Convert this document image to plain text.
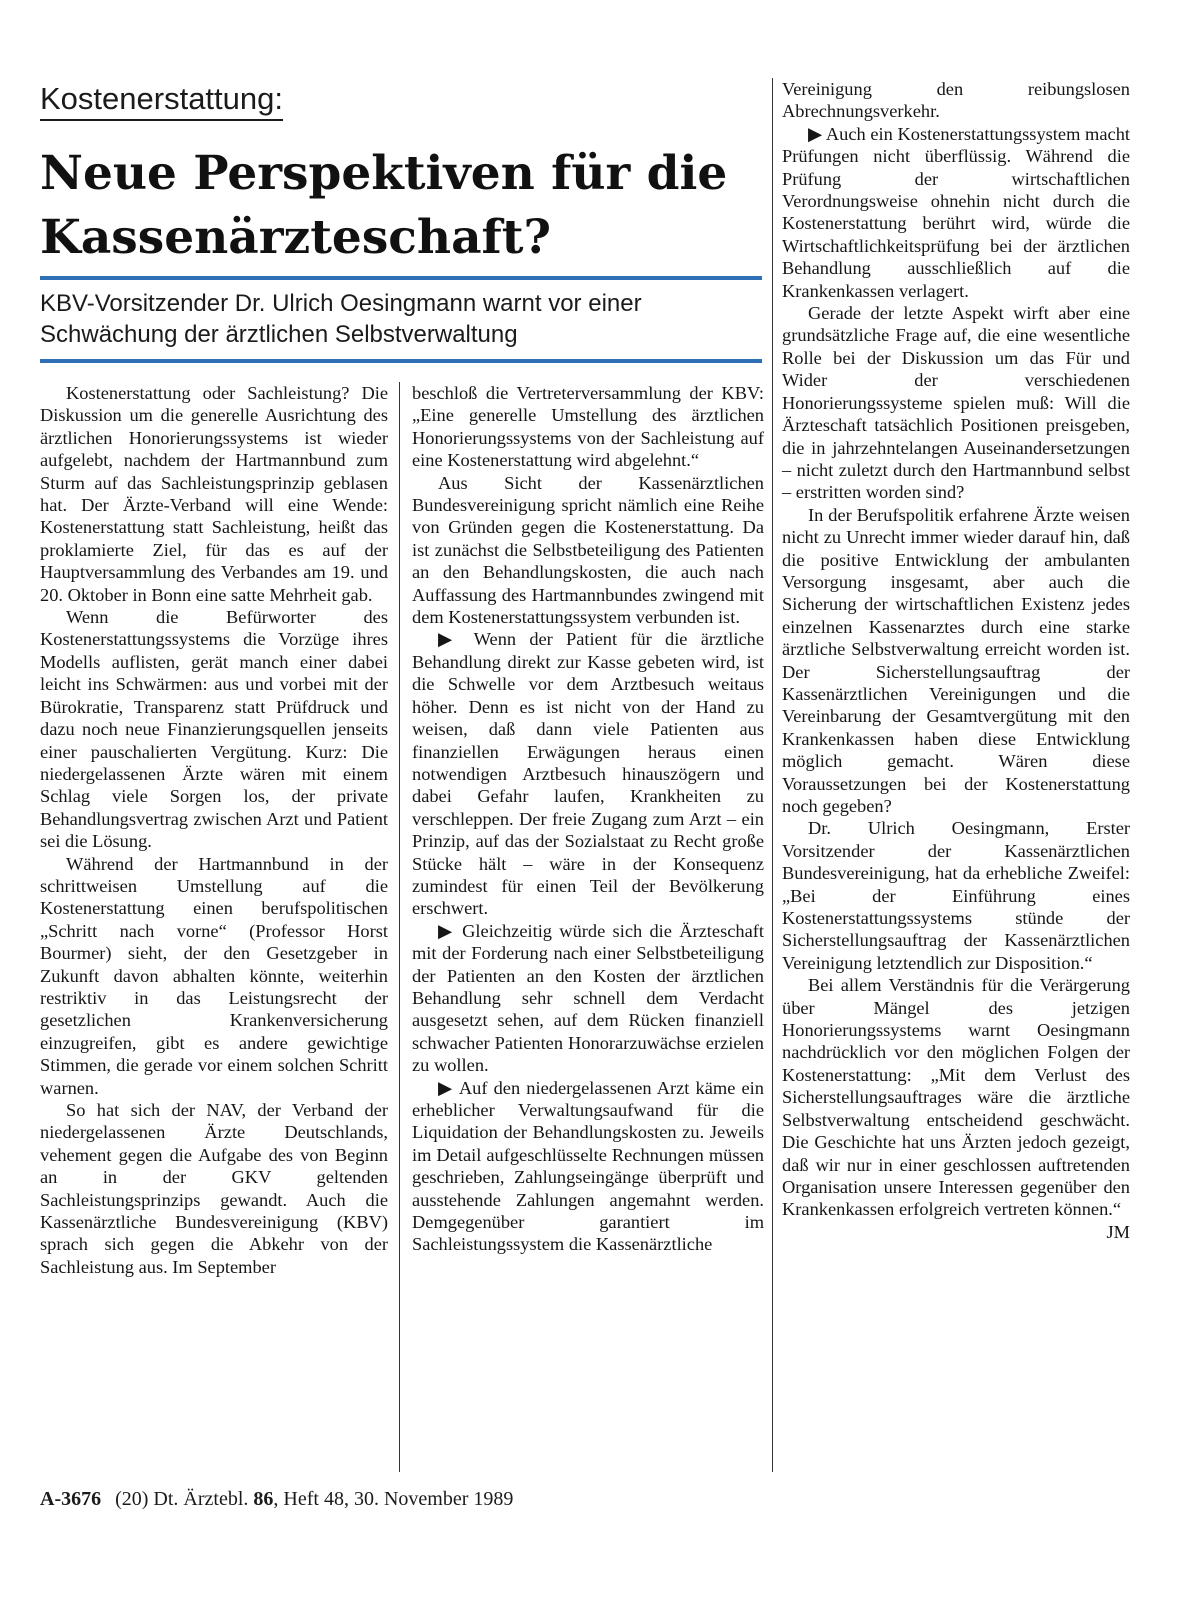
Kostenerstattung:
Neue Perspektiven für die Kassenärzteschaft?
KBV-Vorsitzender Dr. Ulrich Oesingmann warnt vor einer Schwächung der ärztlichen Selbstverwaltung

Kostenerstattung oder Sachleistung? Die Diskussion um die generelle Ausrichtung des ärztlichen Honorierungssystems ist wieder aufgelebt, nachdem der Hartmannbund zum Sturm auf das Sachleistungsprinzip geblasen hat. Der Ärzte-Verband will eine Wende: Kostenerstattung statt Sachleistung, heißt das proklamierte Ziel, für das es auf der Hauptversammlung des Verbandes am 19. und 20. Oktober in Bonn eine satte Mehrheit gab.

Wenn die Befürworter des Kostenerstattungssystems die Vorzüge ihres Modells auflisten, gerät manch einer dabei leicht ins Schwärmen: aus und vorbei mit der Bürokratie, Transparenz statt Prüfdruck und dazu noch neue Finanzierungsquellen jenseits einer pauschalierten Vergütung. Kurz: Die niedergelassenen Ärzte wären mit einem Schlag viele Sorgen los, der private Behandlungsvertrag zwischen Arzt und Patient sei die Lösung.

Während der Hartmannbund in der schrittweisen Umstellung auf die Kostenerstattung einen berufspolitischen „Schritt nach vorne“ (Professor Horst Bourmer) sieht, der den Gesetzgeber in Zukunft davon abhalten könnte, weiterhin restriktiv in das Leistungsrecht der gesetzlichen Krankenversicherung einzugreifen, gibt es andere gewichtige Stimmen, die gerade vor einem solchen Schritt warnen.

So hat sich der NAV, der Verband der niedergelassenen Ärzte Deutschlands, vehement gegen die Aufgabe des von Beginn an in der GKV geltenden Sachleistungsprinzips gewandt. Auch die Kassenärztliche Bundesvereinigung (KBV) sprach sich gegen die Abkehr von der Sachleistung aus. Im September

beschloß die Vertreterversammlung der KBV: „Eine generelle Umstellung des ärztlichen Honorierungssystems von der Sachleistung auf eine Kostenerstattung wird abgelehnt.“

Aus Sicht der Kassenärztlichen Bundesvereinigung spricht nämlich eine Reihe von Gründen gegen die Kostenerstattung. Da ist zunächst die Selbstbeteiligung des Patienten an den Behandlungskosten, die auch nach Auffassung des Hartmannbundes zwingend mit dem Kostenerstattungssystem verbunden ist.

▶ Wenn der Patient für die ärztliche Behandlung direkt zur Kasse gebeten wird, ist die Schwelle vor dem Arztbesuch weitaus höher. Denn es ist nicht von der Hand zu weisen, daß dann viele Patienten aus finanziellen Erwägungen heraus einen notwendigen Arztbesuch hinauszögern und dabei Gefahr laufen, Krankheiten zu verschleppen. Der freie Zugang zum Arzt – ein Prinzip, auf das der Sozialstaat zu Recht große Stücke hält – wäre in der Konsequenz zumindest für einen Teil der Bevölkerung erschwert.

▶ Gleichzeitig würde sich die Ärzteschaft mit der Forderung nach einer Selbstbeteiligung der Patienten an den Kosten der ärztlichen Behandlung sehr schnell dem Verdacht ausgesetzt sehen, auf dem Rücken finanziell schwacher Patienten Honorarzuwächse erzielen zu wollen.

▶ Auf den niedergelassenen Arzt käme ein erheblicher Verwaltungsaufwand für die Liquidation der Behandlungskosten zu. Jeweils im Detail aufgeschlüsselte Rechnungen müssen geschrieben, Zahlungseingänge überprüft und ausstehende Zahlungen angemahnt werden. Demgegenüber garantiert im Sachleistungssystem die Kassenärztliche

Vereinigung den reibungslosen Abrechnungsverkehr.

▶ Auch ein Kostenerstattungssystem macht Prüfungen nicht überflüssig. Während die Prüfung der wirtschaftlichen Verordnungsweise ohnehin nicht durch die Kostenerstattung berührt wird, würde die Wirtschaftlichkeitsprüfung bei der ärztlichen Behandlung ausschließlich auf die Krankenkassen verlagert.

Gerade der letzte Aspekt wirft aber eine grundsätzliche Frage auf, die eine wesentliche Rolle bei der Diskussion um das Für und Wider der verschiedenen Honorierungssysteme spielen muß: Will die Ärzteschaft tatsächlich Positionen preisgeben, die in jahrzehntelangen Auseinandersetzungen – nicht zuletzt durch den Hartmannbund selbst – erstritten worden sind?

In der Berufspolitik erfahrene Ärzte weisen nicht zu Unrecht immer wieder darauf hin, daß die positive Entwicklung der ambulanten Versorgung insgesamt, aber auch die Sicherung der wirtschaftlichen Existenz jedes einzelnen Kassenarztes durch eine starke ärztliche Selbstverwaltung erreicht worden ist. Der Sicherstellungsauftrag der Kassenärztlichen Vereinigungen und die Vereinbarung der Gesamtvergütung mit den Krankenkassen haben diese Entwicklung möglich gemacht. Wären diese Voraussetzungen bei der Kostenerstattung noch gegeben?

Dr. Ulrich Oesingmann, Erster Vorsitzender der Kassenärztlichen Bundesvereinigung, hat da erhebliche Zweifel: „Bei der Einführung eines Kostenerstattungssystems stünde der Sicherstellungsauftrag der Kassenärztlichen Vereinigung letztendlich zur Disposition.“

Bei allem Verständnis für die Verärgerung über Mängel des jetzigen Honorierungssystems warnt Oesingmann nachdrücklich vor den möglichen Folgen der Kostenerstattung: „Mit dem Verlust des Sicherstellungsauftrages wäre die ärztliche Selbstverwaltung entscheidend geschwächt. Die Geschichte hat uns Ärzten jedoch gezeigt, daß wir nur in einer geschlossen auftretenden Organisation unsere Interessen gegenüber den Krankenkassen erfolgreich vertreten können.“
JM

A-3676 (20) Dt. Ärztebl. 86, Heft 48, 30. November 1989
